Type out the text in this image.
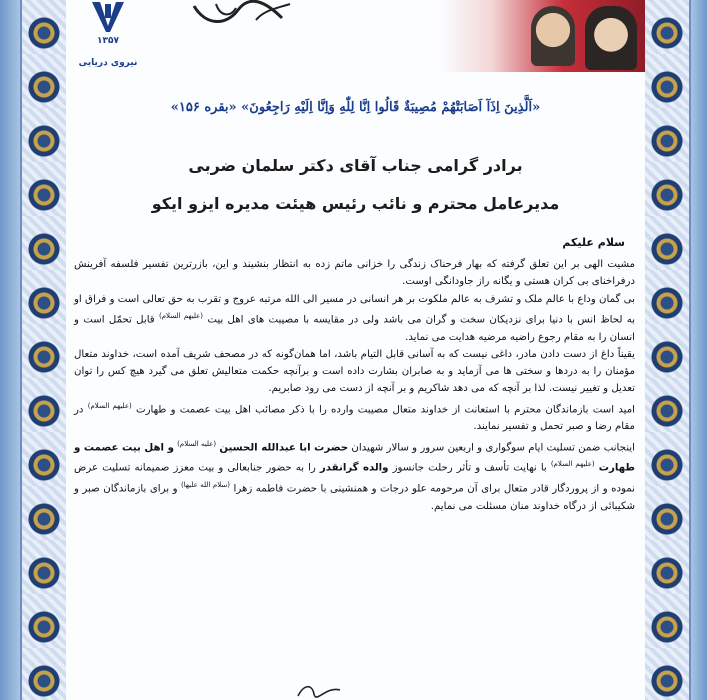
۱۳۵۷
نیروی دریایی
«اَلَّذِینَ اِذَآ اَصَابَتْهُمْ مُصِیبَةٌ قَالُوا اِنَّا لِلّٰهِ وَاِنَّا اِلَیْهِ رَاجِعُونَ» «بقره ۱۵۶»
برادر گرامی جناب آقای دکتر سلمان ضربی
مدیرعامل محترم و نائب رئیس هیئت مدیره ایزو ایکو
سلام علیکم

مشیت الهی بر این تعلق گرفته که بهار فرحناک زندگی را خزانی ماتم زده به انتظار بنشیند و این، بازرترین تفسیر فلسفه آفرینش درفراخنای بی کران هستی و یگانه راز جاودانگی اوست.

بی گمان وداع با عالم ملک و تشرف به عالم ملکوت بر هر انسانی در مسیر الی الله مرتبه عروج و تقرب به حق تعالی است و فراق او به لحاظ انس با دنیا برای نزدیکان سخت و گران می باشد ولی در مقایسه با مصیبت های اهل بیت $^{(علیهم السلام)}$ قابل تحمّل است و انسان را به مقام رجوع راضیه مرضیه هدایت می نماید.

یقیناً داغ از دست دادن مادر، داغی نیست که به آسانی قابل التیام باشد، اما همان‌گونه که در مصحف شریف آمده است، خداوند متعال مؤمنان را به دردها و سختی ها می آزماید و به صابران بشارت داده است و برآنچه حکمت متعالیش تعلق می گیرد هیچ کس را توان تعدیل و تغییر نیست. لذا بر آنچه که می دهد شاکریم و بر آنچه از دست می رود صابریم.

امید است بازماندگان محترم با استعانت از خداوند متعال مصیبت وارده را با ذکر مصائب اهل بیت عصمت و طهارت $^{(علیهم السلام)}$ در مقام رضا و صبر تحمل و تفسیر نمایند.

اینجانب ضمن تسلیت ایام سوگواری و اربعین سرور و سالار شهیدان حضرت ابا عبدالله الحسین $^{(علیه السلام)}$ و اهل بیت عصمت و طهارت $^{(علیهم السلام)}$ با نهایت تأسف و تأثر رحلت جانسوز والده گرانقدر را به حضور جنابعالی و بیت معزز صمیمانه تسلیت عرض نموده و از پروردگار قادر متعال برای آن مرحومه علو درجات و همنشینی با حضرت فاطمه زهرا $^{(سلام الله علیها)}$ و برای بازماندگان صبر و شکیبائی از درگاه خداوند منان مسئلت می نمایم.
